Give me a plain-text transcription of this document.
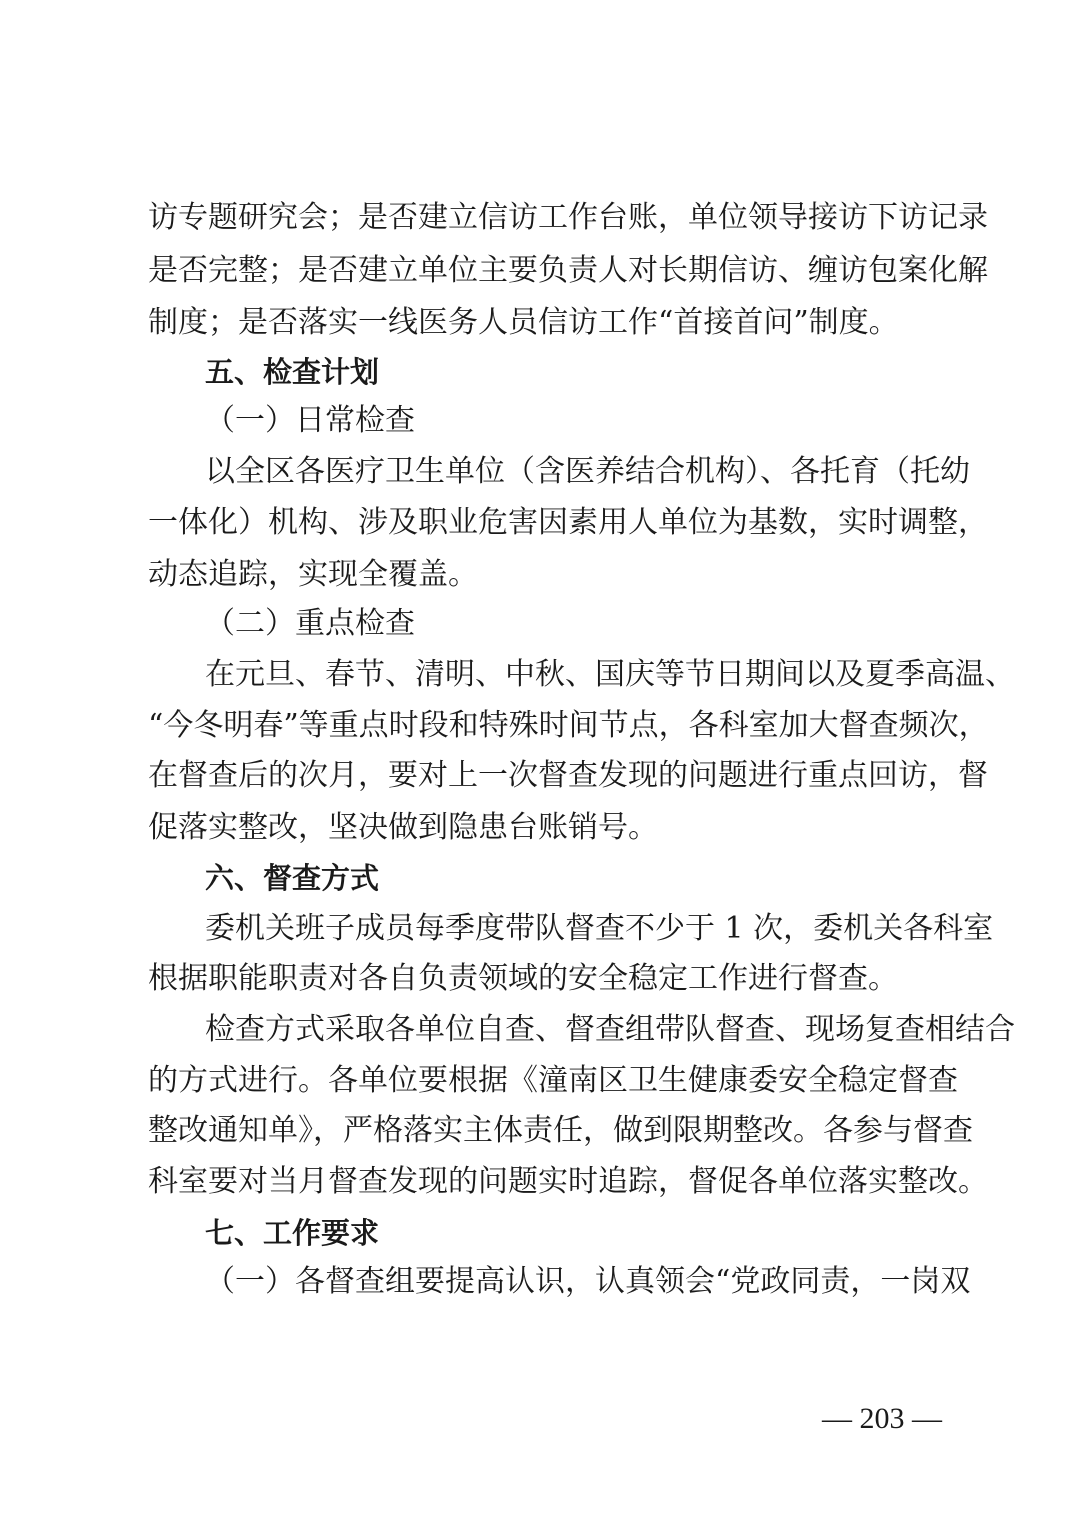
访专题研究会；是否建立信访工作台账，单位领导接访下访记录
是否完整；是否建立单位主要负责人对长期信访、缠访包案化解
制度；是否落实一线医务人员信访工作“首接首问”制度。
五、检查计划
（一）日常检查
以全区各医疗卫生单位（含医养结合机构）、各托育（托幼
一体化）机构、涉及职业危害因素用人单位为基数，实时调整，
动态追踪，实现全覆盖。
（二）重点检查
在元旦、春节、清明、中秋、国庆等节日期间以及夏季高温、
“今冬明春”等重点时段和特殊时间节点，各科室加大督查频次，
在督查后的次月，要对上一次督查发现的问题进行重点回访，督
促落实整改，坚决做到隐患台账销号。
六、督查方式
委机关班子成员每季度带队督查不少于 1 次，委机关各科室
根据职能职责对各自负责领域的安全稳定工作进行督查。
检查方式采取各单位自查、督查组带队督查、现场复查相结合
的方式进行。各单位要根据《潼南区卫生健康委安全稳定督查
整改通知单》，严格落实主体责任，做到限期整改。各参与督查
科室要对当月督查发现的问题实时追踪，督促各单位落实整改。
七、工作要求
（一）各督查组要提高认识，认真领会“党政同责，一岗双
— 203 —
